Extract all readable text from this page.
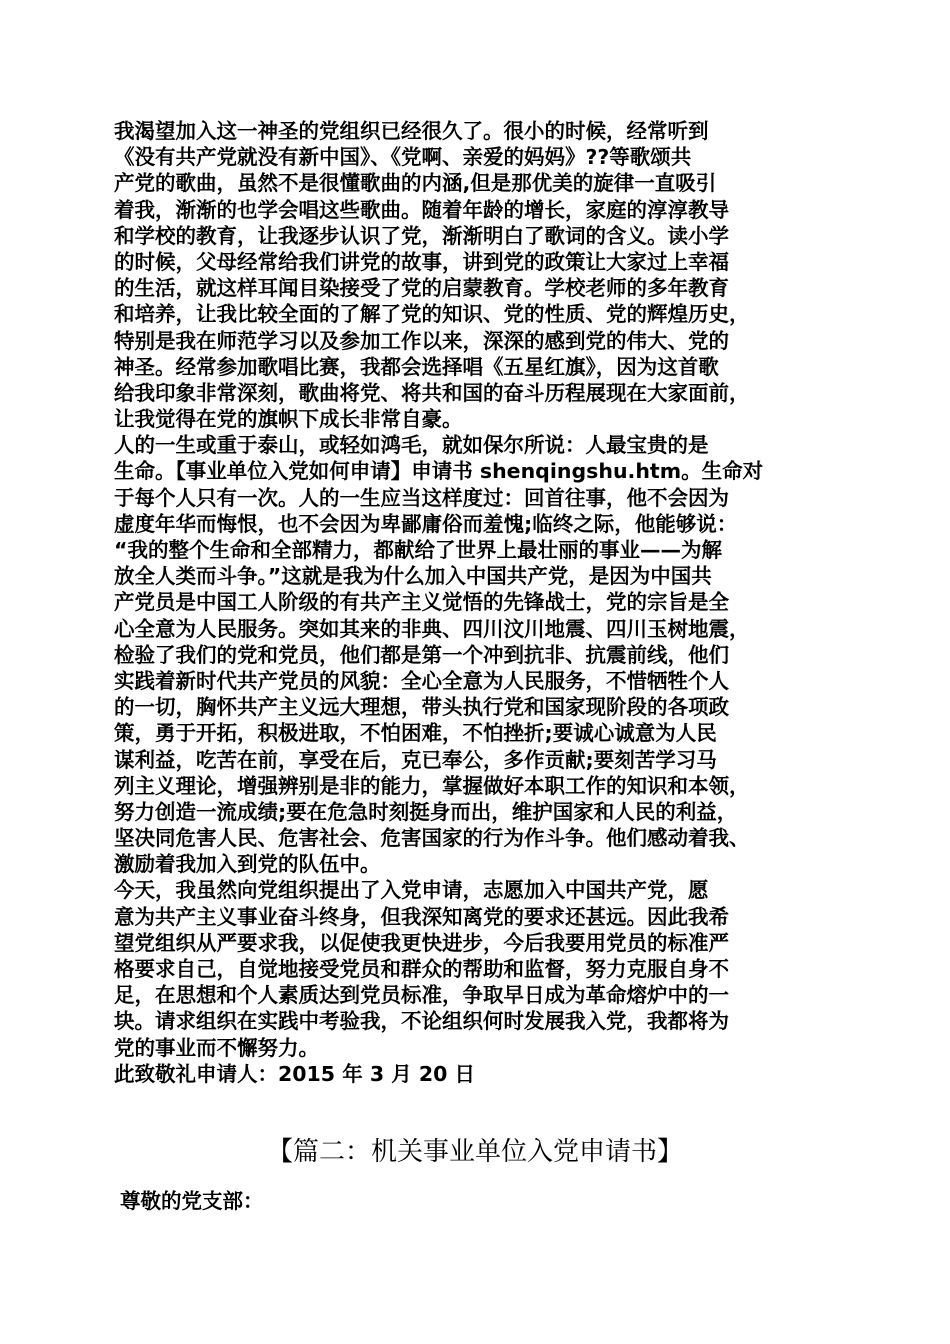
我渴望加入这一神圣的党组织已经很久了。很小的时候，经常听到
《没有共产党就没有新中国》、《党啊、亲爱的妈妈》??等歌颂共
产党的歌曲，虽然不是很懂歌曲的内涵,但是那优美的旋律一直吸引
着我，渐渐的也学会唱这些歌曲。随着年龄的增长，家庭的淳淳教导
和学校的教育，让我逐步认识了党，渐渐明白了歌词的含义。读小学
的时候，父母经常给我们讲党的故事，讲到党的政策让大家过上幸福
的生活，就这样耳闻目染接受了党的启蒙教育。学校老师的多年教育
和培养，让我比较全面的了解了党的知识、党的性质、党的辉煌历史，
特别是我在师范学习以及参加工作以来，深深的感到党的伟大、党的
神圣。经常参加歌唱比赛，我都会选择唱《五星红旗》，因为这首歌
给我印象非常深刻，歌曲将党、将共和国的奋斗历程展现在大家面前，
让我觉得在党的旗帜下成长非常自豪。
人的一生或重于泰山，或轻如鸿毛，就如保尔所说：人最宝贵的是
生命。【事业单位入党如何申请】申请书 shenqingshu.htm。生命对
于每个人只有一次。人的一生应当这样度过：回首往事，他不会因为
虚度年华而悔恨，也不会因为卑鄙庸俗而羞愧;临终之际，他能够说：
“我的整个生命和全部精力，都献给了世界上最壮丽的事业——为解
放全人类而斗争。”这就是我为什么加入中国共产党，是因为中国共
产党员是中国工人阶级的有共产主义觉悟的先锋战士，党的宗旨是全
心全意为人民服务。突如其来的非典、四川汶川地震、四川玉树地震，
检验了我们的党和党员，他们都是第一个冲到抗非、抗震前线，他们
实践着新时代共产党员的风貌：全心全意为人民服务，不惜牺牲个人
的一切，胸怀共产主义远大理想，带头执行党和国家现阶段的各项政
策，勇于开拓，积极进取，不怕困难，不怕挫折;要诚心诚意为人民
谋利益，吃苦在前，享受在后，克已奉公，多作贡献;要刻苦学习马
列主义理论，增强辨别是非的能力，掌握做好本职工作的知识和本领，
努力创造一流成绩;要在危急时刻挺身而出，维护国家和人民的利益，
坚决同危害人民、危害社会、危害国家的行为作斗争。他们感动着我、
激励着我加入到党的队伍中。
今天，我虽然向党组织提出了入党申请，志愿加入中国共产党，愿
意为共产主义事业奋斗终身，但我深知离党的要求还甚远。因此我希
望党组织从严要求我，以促使我更快进步，今后我要用党员的标准严
格要求自己，自觉地接受党员和群众的帮助和监督，努力克服自身不
足，在思想和个人素质达到党员标准，争取早日成为革命熔炉中的一
块。请求组织在实践中考验我，不论组织何时发展我入党，我都将为
党的事业而不懈努力。
此致敬礼申请人：2015 年 3 月 20 日
【篇二：机关事业单位入党申请书】
尊敬的党支部：
